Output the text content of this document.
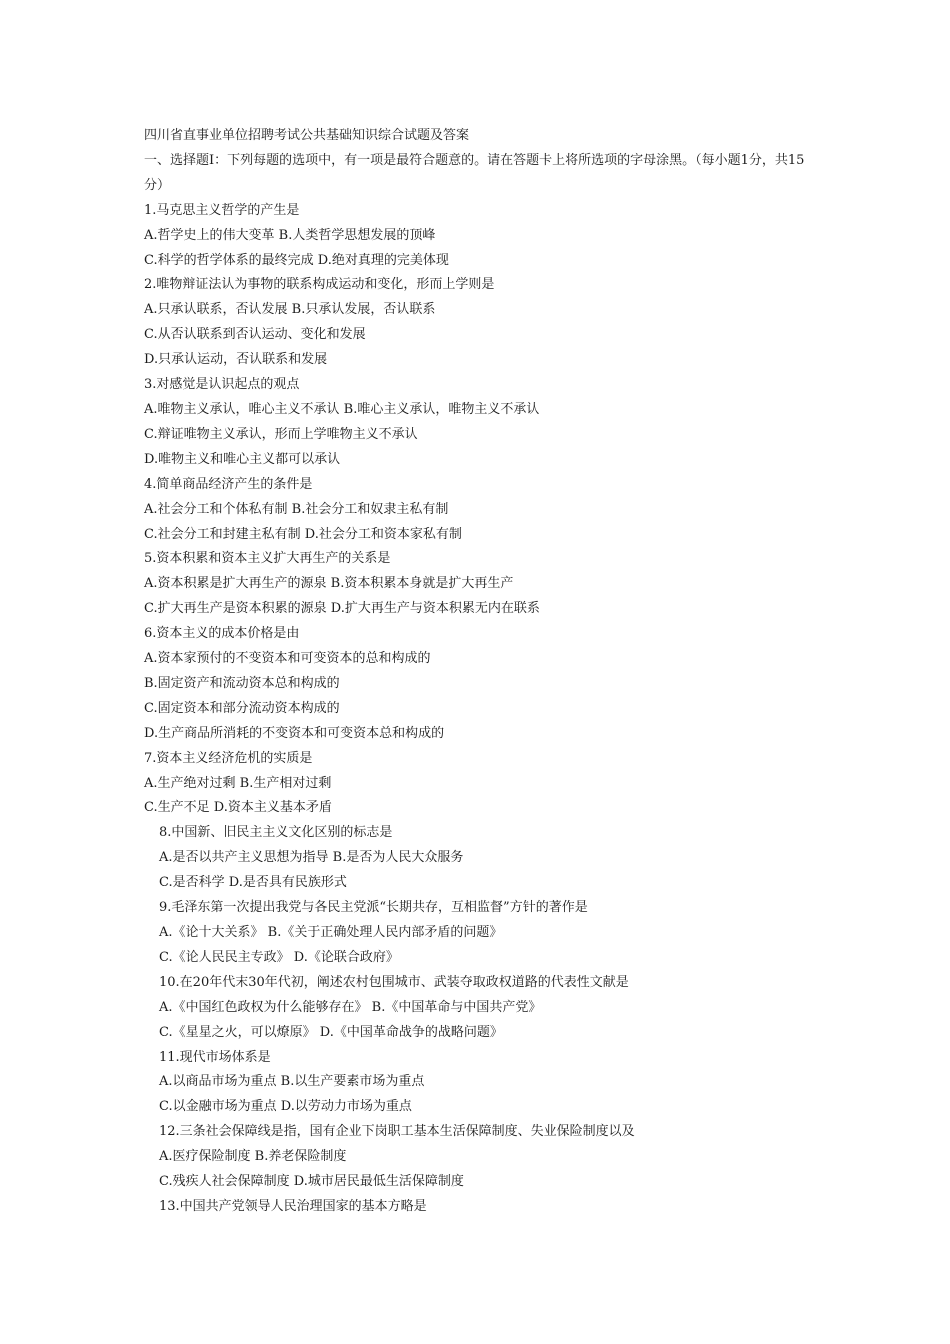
四川省直事业单位招聘考试公共基础知识综合试题及答案
一、选择题Ⅰ：下列每题的选项中，有一项是最符合题意的。请在答题卡上将所选项的字母涂黑。（每小题1分，共15分）
1.马克思主义哲学的产生是
A.哲学史上的伟大变革 B.人类哲学思想发展的顶峰
C.科学的哲学体系的最终完成 D.绝对真理的完美体现
2.唯物辩证法认为事物的联系构成运动和变化，形而上学则是
A.只承认联系，否认发展 B.只承认发展，否认联系
C.从否认联系到否认运动、变化和发展
D.只承认运动，否认联系和发展
3.对感觉是认识起点的观点
A.唯物主义承认，唯心主义不承认 B.唯心主义承认，唯物主义不承认
C.辩证唯物主义承认，形而上学唯物主义不承认
D.唯物主义和唯心主义都可以承认
4.简单商品经济产生的条件是
A.社会分工和个体私有制 B.社会分工和奴隶主私有制
C.社会分工和封建主私有制 D.社会分工和资本家私有制
5.资本积累和资本主义扩大再生产的关系是
A.资本积累是扩大再生产的源泉 B.资本积累本身就是扩大再生产
C.扩大再生产是资本积累的源泉 D.扩大再生产与资本积累无内在联系
6.资本主义的成本价格是由
A.资本家预付的不变资本和可变资本的总和构成的
B.固定资产和流动资本总和构成的
C.固定资本和部分流动资本构成的
D.生产商品所消耗的不变资本和可变资本总和构成的
7.资本主义经济危机的实质是
A.生产绝对过剩 B.生产相对过剩
C.生产不足 D.资本主义基本矛盾
8.中国新、旧民主主义文化区别的标志是
A.是否以共产主义思想为指导 B.是否为人民大众服务
C.是否科学 D.是否具有民族形式
9.毛泽东第一次提出我党与各民主党派“长期共存，互相监督”方针的著作是
A.《论十大关系》 B.《关于正确处理人民内部矛盾的问题》
C.《论人民民主专政》 D.《论联合政府》
10.在20年代末30年代初，阐述农村包围城市、武装夺取政权道路的代表性文献是
A.《中国红色政权为什么能够存在》 B.《中国革命与中国共产党》
C.《星星之火，可以燎原》 D.《中国革命战争的战略问题》
11.现代市场体系是
A.以商品市场为重点 B.以生产要素市场为重点
C.以金融市场为重点 D.以劳动力市场为重点
12.三条社会保障线是指，国有企业下岗职工基本生活保障制度、失业保险制度以及
A.医疗保险制度 B.养老保险制度
C.残疾人社会保障制度 D.城市居民最低生活保障制度
13.中国共产党领导人民治理国家的基本方略是
